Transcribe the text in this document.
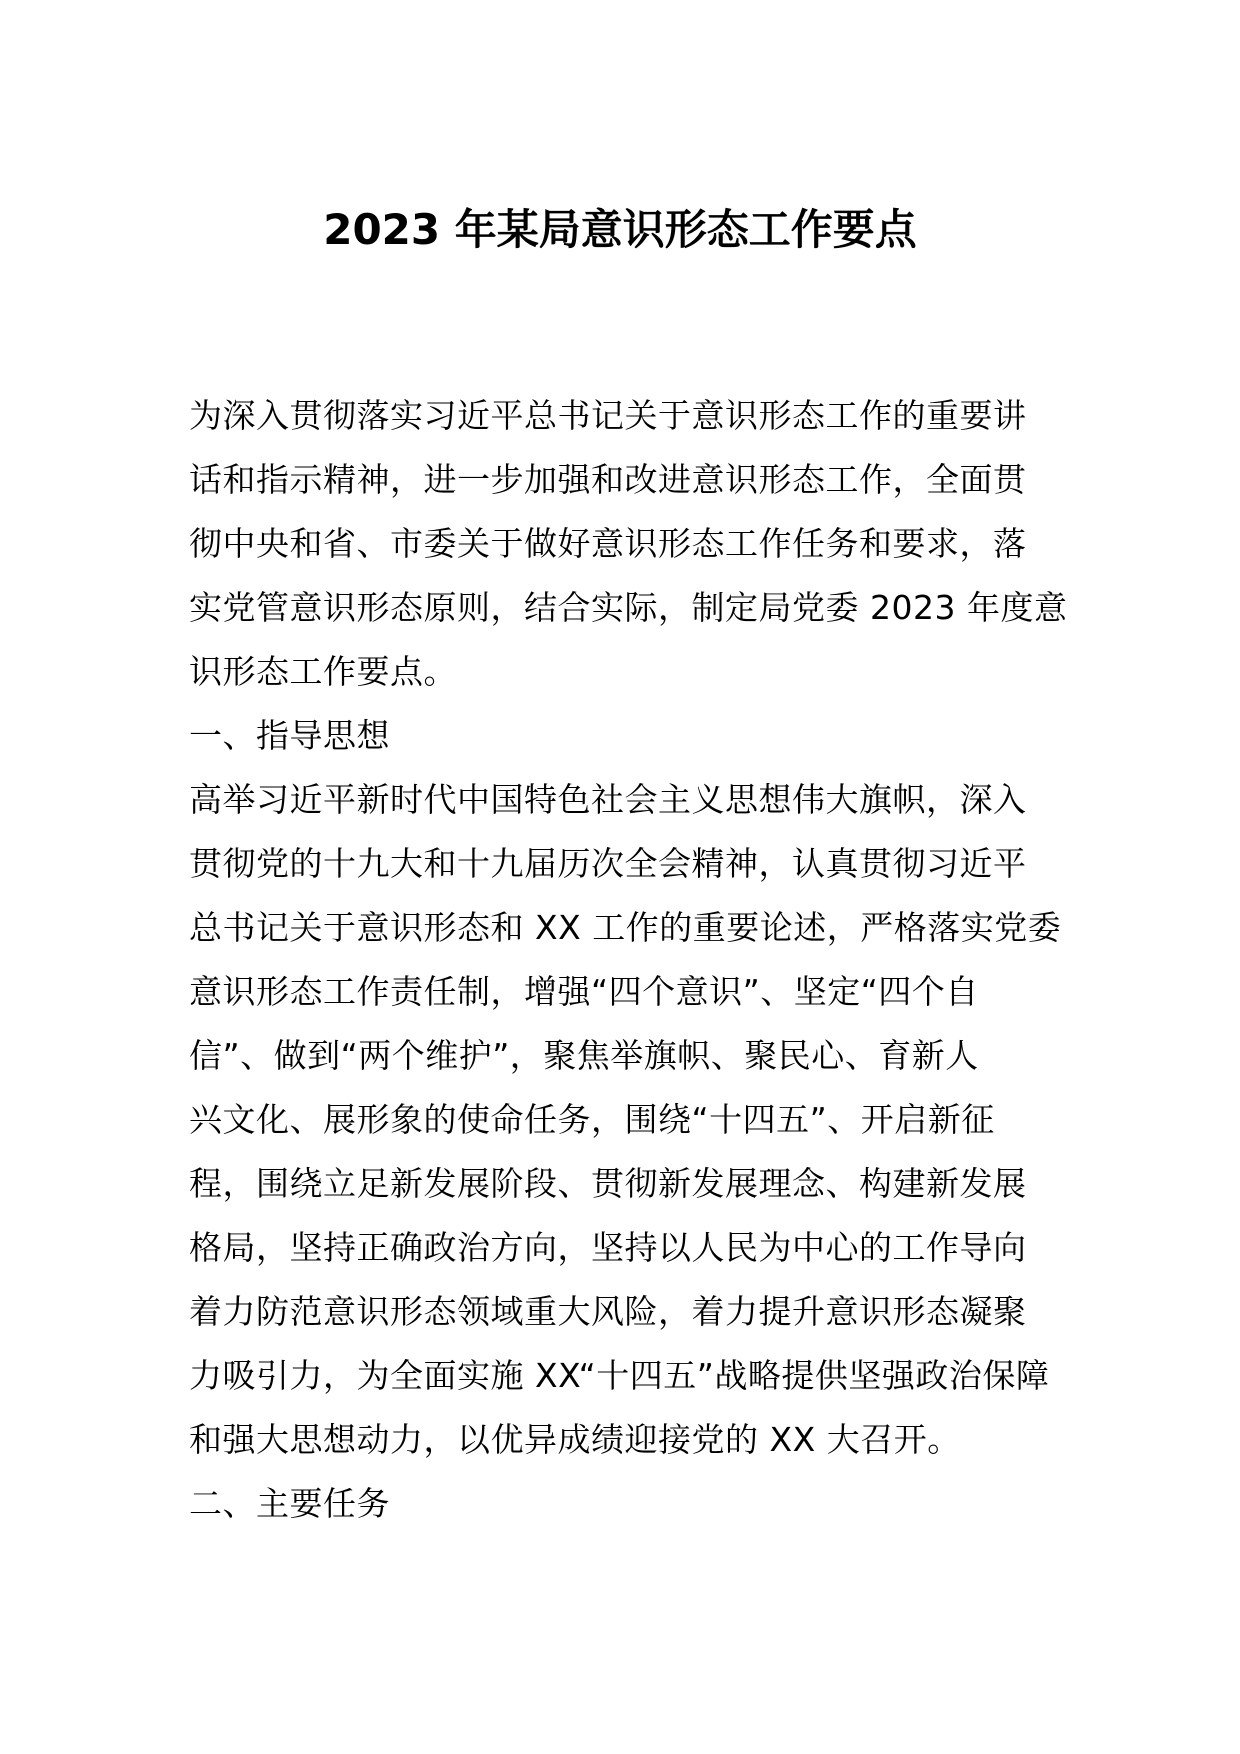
2023 年某局意识形态工作要点
为深入贯彻落实习近平总书记关于意识形态工作的重要讲
话和指示精神，进一步加强和改进意识形态工作，全面贯
彻中央和省、市委关于做好意识形态工作任务和要求，落
实党管意识形态原则，结合实际，制定局党委 2023 年度意
识形态工作要点。
一、指导思想
高举习近平新时代中国特色社会主义思想伟大旗帜，深入
贯彻党的十九大和十九届历次全会精神，认真贯彻习近平
总书记关于意识形态和 XX 工作的重要论述，严格落实党委
意识形态工作责任制，增强“四个意识”、坚定“四个自
信”、做到“两个维护”，聚焦举旗帜、聚民心、育新人
兴文化、展形象的使命任务，围绕“十四五”、开启新征
程，围绕立足新发展阶段、贯彻新发展理念、构建新发展
格局，坚持正确政治方向，坚持以人民为中心的工作导向
着力防范意识形态领域重大风险，着力提升意识形态凝聚
力吸引力，为全面实施 XX“十四五”战略提供坚强政治保障
和强大思想动力，以优异成绩迎接党的 XX 大召开。
二、主要任务
